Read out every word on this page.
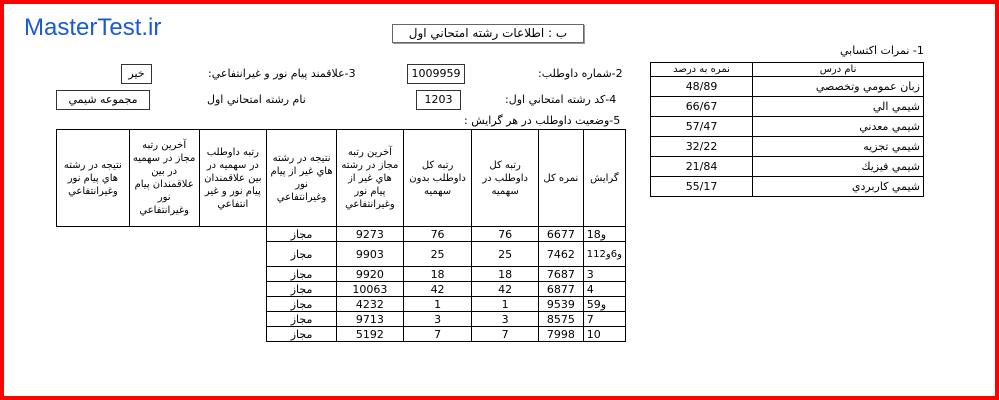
MasterTest.ir	ب : اطلاعات رشته امتحاني اول
1- نمرات اکتسابي
نمره به درصد	نام درس
48/89	زبان عمومي وتخصصي
66/67	شيمي الي
57/47	شيمي معدني
32/22	شيمي تجزيه
21/84	شيمي فيزيك
55/17	شيمي کاربردي
2-شماره داوطلب:
1009959
3-علاقمند پيام نور و غيرانتفاعي:
خير
4-کد رشته امتحاني اول:
1203
نام رشته امتحاني اول
مجموعه شيمي
5-وضعيت داوطلب در هر گرايش :
نتيجه در رشته هاي پيام نور وغيرانتفاعي	آخرين رتبه مجاز در سهميه در بين علاقمندان پيام نور وغيرانتفاعي	رتبه داوطلب در سهميه در بين علاقمندان پيام نور و غير انتفاعي	نتيجه در رشته هاي غير از پيام نور وغيرانتفاعي	آخرين رتبه مجاز در رشته هاي غير از پيام نور وغيرانتفاعي	رتبه کل داوطلب بدون سهميه	رتبه کل داوطلب در سهميه	نمره کل	گرايش
			مجاز	9273	76	76	6677	1و8
			مجاز	9903	25	25	7462	11و6و2
			مجاز	9920	18	18	7687	3
			مجاز	10063	42	42	6877	4
			مجاز	4232	1	1	9539	5و9
			مجاز	9713	3	3	8575	7
			مجاز	5192	7	7	7998	10
